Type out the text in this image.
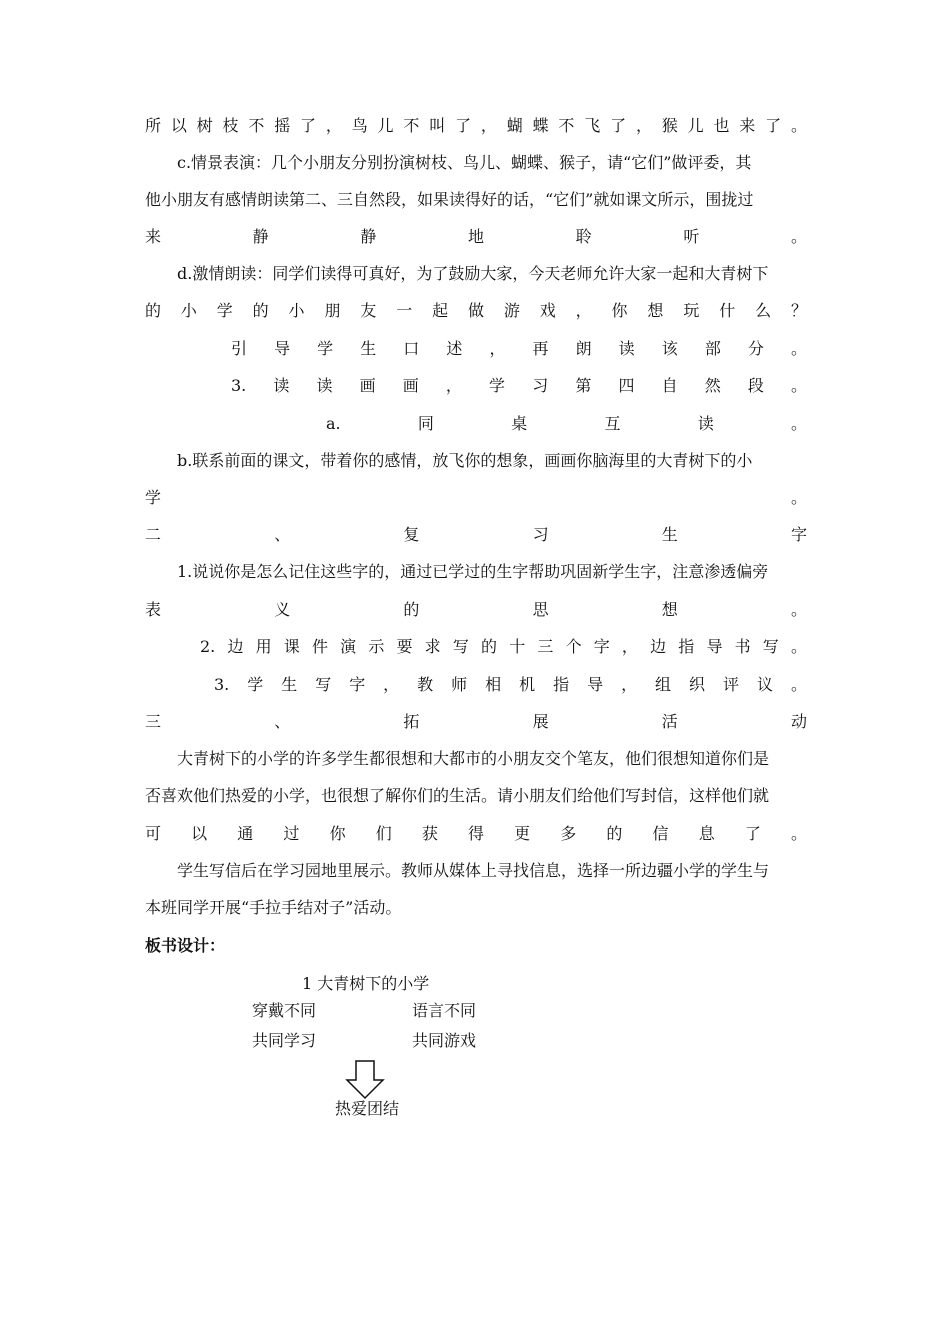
所以树枝不摇了，鸟儿不叫了，蝴蝶不飞了，猴儿也来了。
c.情景表演：几个小朋友分别扮演树枝、鸟儿、蝴蝶、猴子，请“它们”做评委，其
他小朋友有感情朗读第二、三自然段，如果读得好的话，“它们”就如课文所示，围拢过
来静静地聆听。
d.激情朗读：同学们读得可真好，为了鼓励大家，今天老师允许大家一起和大青树下
的小学的小朋友一起做游戏，你想玩什么？
引导学生口述，再朗读该部分。
3.读读画画，学习第四自然段。
a.同桌互读。
b.联系前面的课文，带着你的感情，放飞你的想象，画画你脑海里的大青树下的小
学。
二、复习生字
1.说说你是怎么记住这些字的，通过已学过的生字帮助巩固新学生字，注意渗透偏旁
表义的思想。
2.边用课件演示要求写的十三个字，边指导书写。
3.学生写字，教师相机指导，组织评议。
三、拓展活动
大青树下的小学的许多学生都很想和大都市的小朋友交个笔友，他们很想知道你们是
否喜欢他们热爱的小学，也很想了解你们的生活。请小朋友们给他们写封信，这样他们就
可以通过你们获得更多的信息了。
学生写信后在学习园地里展示。教师从媒体上寻找信息，选择一所边疆小学的学生与
本班同学开展“手拉手结对子”活动。
板书设计：
1 大青树下的小学
穿戴不同	语言不同
共同学习	共同游戏
热爱团结
